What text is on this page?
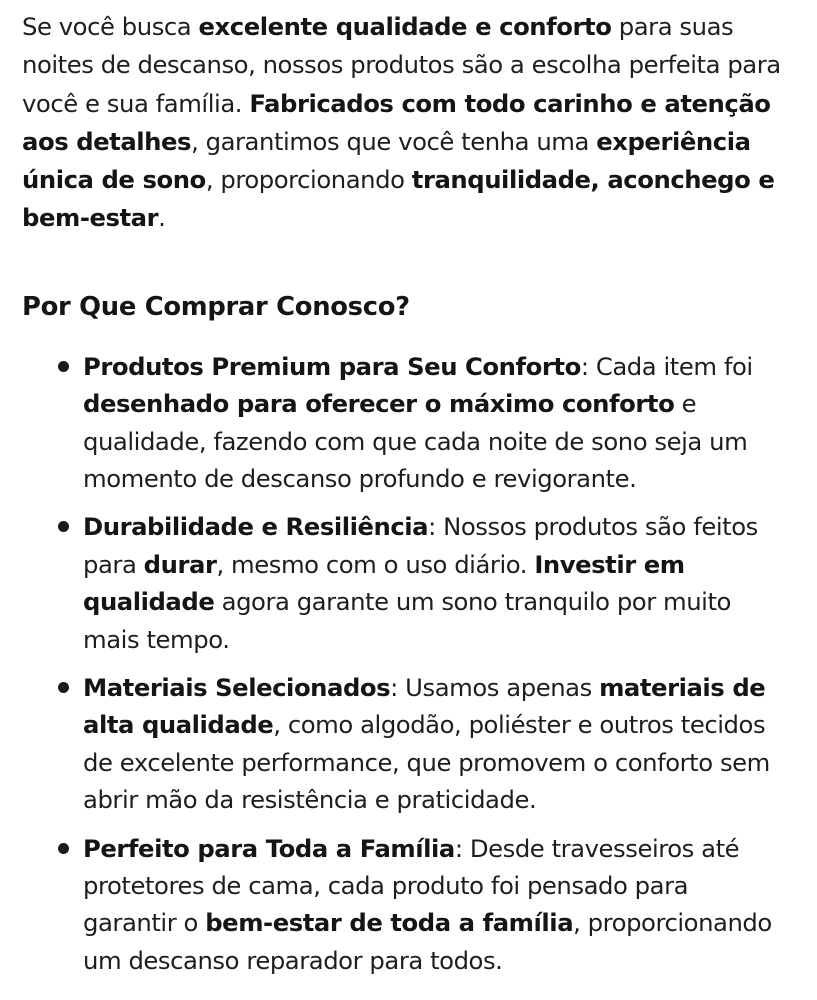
Se você busca excelente qualidade e conforto para suas noites de descanso, nossos produtos são a escolha perfeita para você e sua família. Fabricados com todo carinho e atenção aos detalhes, garantimos que você tenha uma experiência única de sono, proporcionando tranquilidade, aconchego e bem-estar.

Por Que Comprar Conosco?
Produtos Premium para Seu Conforto: Cada item foi desenhado para oferecer o máximo conforto e qualidade, fazendo com que cada noite de sono seja um momento de descanso profundo e revigorante.
Durabilidade e Resiliência: Nossos produtos são feitos para durar, mesmo com o uso diário. Investir em qualidade agora garante um sono tranquilo por muito mais tempo.
Materiais Selecionados: Usamos apenas materiais de alta qualidade, como algodão, poliéster e outros tecidos de excelente performance, que promovem o conforto sem abrir mão da resistência e praticidade.
Perfeito para Toda a Família: Desde travesseiros até protetores de cama, cada produto foi pensado para garantir o bem-estar de toda a família, proporcionando um descanso reparador para todos.
